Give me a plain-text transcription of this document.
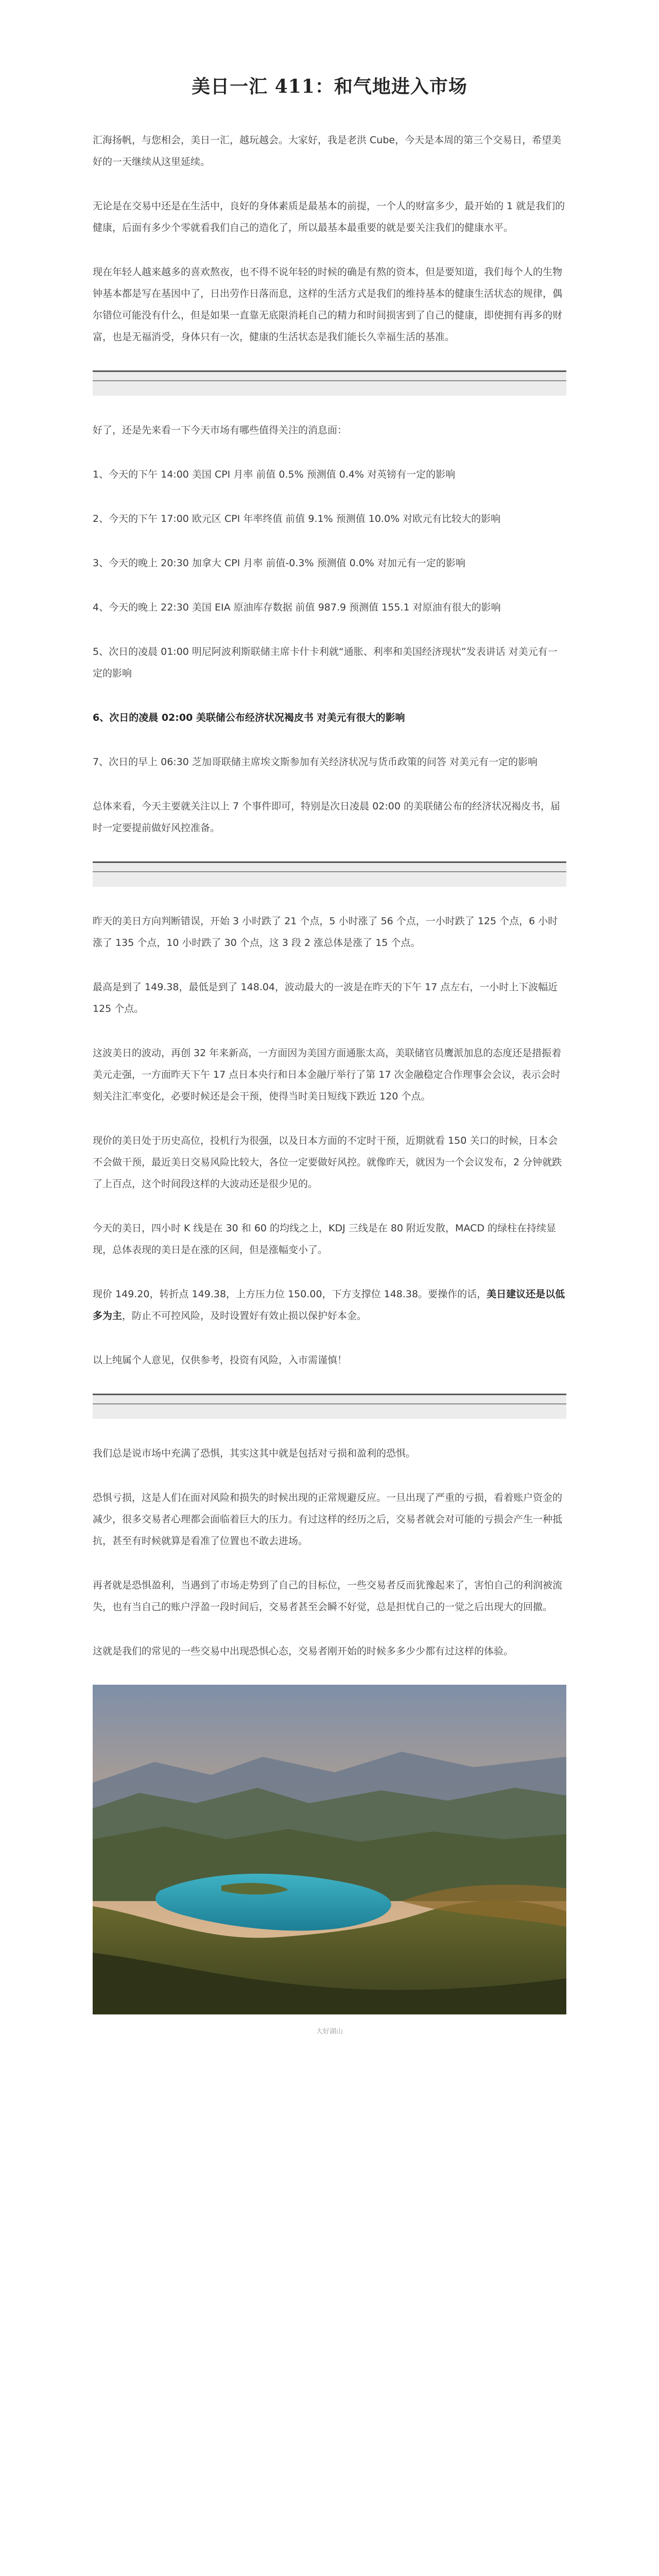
美日一汇 411：和气地进入市场

汇海扬帆，与您相会，美日一汇，越玩越会。大家好，我是老洪 Cube，今天是本周的第三个交易日，希望美好的一天继续从这里延续。

无论是在交易中还是在生活中，良好的身体素质是最基本的前提，一个人的财富多少，最开始的 1 就是我们的健康，后面有多少个零就看我们自己的造化了，所以最基本最重要的就是要关注我们的健康水平。

现在年轻人越来越多的喜欢熬夜，也不得不说年轻的时候的确是有熬的资本，但是要知道，我们每个人的生物钟基本都是写在基因中了，日出劳作日落而息，这样的生活方式是我们的维持基本的健康生活状态的规律，偶尔错位可能没有什么，但是如果一直靠无底限消耗自己的精力和时间损害到了自己的健康，即使拥有再多的财富，也是无福消受，身体只有一次，健康的生活状态是我们能长久幸福生活的基准。

好了，还是先来看一下今天市场有哪些值得关注的消息面：

1、今天的下午 14:00 美国 CPI 月率 前值 0.5% 预测值 0.4% 对英镑有一定的影响

2、今天的下午 17:00 欧元区 CPI 年率终值 前值 9.1% 预测值 10.0% 对欧元有比较大的影响

3、今天的晚上 20:30 加拿大 CPI 月率 前值-0.3% 预测值 0.0% 对加元有一定的影响

4、今天的晚上 22:30 美国 EIA 原油库存数据 前值 987.9 预测值 155.1 对原油有很大的影响

5、次日的凌晨 01:00 明尼阿波利斯联储主席卡什卡利就“通胀、利率和美国经济现状”发表讲话 对美元有一定的影响

6、次日的凌晨 02:00 美联储公布经济状况褐皮书 对美元有很大的影响

7、次日的早上 06:30 芝加哥联储主席埃文斯参加有关经济状况与货币政策的问答 对美元有一定的影响

总体来看，今天主要就关注以上 7 个事件即可，特别是次日凌晨 02:00 的美联储公布的经济状况褐皮书，届时一定要提前做好风控准备。

昨天的美日方向判断错误，开始 3 小时跌了 21 个点，5 小时涨了 56 个点，一小时跌了 125 个点，6 小时涨了 135 个点，10 小时跌了 30 个点，这 3 段 2 涨总体是涨了 15 个点。

最高是到了 149.38，最低是到了 148.04，波动最大的一波是在昨天的下午 17 点左右，一小时上下波幅近 125 个点。

这波美日的波动，再创 32 年来新高，一方面因为美国方面通胀太高，美联储官员鹰派加息的态度还是措振着美元走强，一方面昨天下午 17 点日本央行和日本金融厅举行了第 17 次金融稳定合作理事会会议，表示会时刻关注汇率变化，必要时候还是会干预，使得当时美日短线下跌近 120 个点。

现价的美日处于历史高位，投机行为很强，以及日本方面的不定时干预，近期就看 150 关口的时候，日本会不会做干预，最近美日交易风险比较大，各位一定要做好风控。就像昨天，就因为一个会议发布，2 分钟就跌了上百点，这个时间段这样的大波动还是很少见的。

今天的美日，四小时 K 线是在 30 和 60 的均线之上，KDJ 三线是在 80 附近发散，MACD 的绿柱在持续显现，总体表现的美日是在涨的区间，但是涨幅变小了。

现价 149.20，转折点 149.38，上方压力位 150.00，下方支撑位 148.38。要操作的话，美日建议还是以低多为主，防止不可控风险，及时设置好有效止损以保护好本金。

以上纯属个人意见，仅供参考，投资有风险，入市需谨慎！

我们总是说市场中充满了恐惧，其实这其中就是包括对亏损和盈利的恐惧。

恐惧亏损，这是人们在面对风险和损失的时候出现的正常规避反应。一旦出现了严重的亏损，看着账户资金的减少，很多交易者心理都会面临着巨大的压力。有过这样的经历之后，交易者就会对可能的亏损会产生一种抵抗，甚至有时候就算是看准了位置也不敢去进场。

再者就是恐惧盈利，当遇到了市场走势到了自己的目标位，一些交易者反而犹豫起来了，害怕自己的利润被流失，也有当自己的账户浮盈一段时间后，交易者甚至会瞬不好觉，总是担忧自己的一觉之后出现大的回撤。

这就是我们的常见的一些交易中出现恐惧心态，交易者刚开始的时候多多少少都有过这样的体验。

大好湖山
